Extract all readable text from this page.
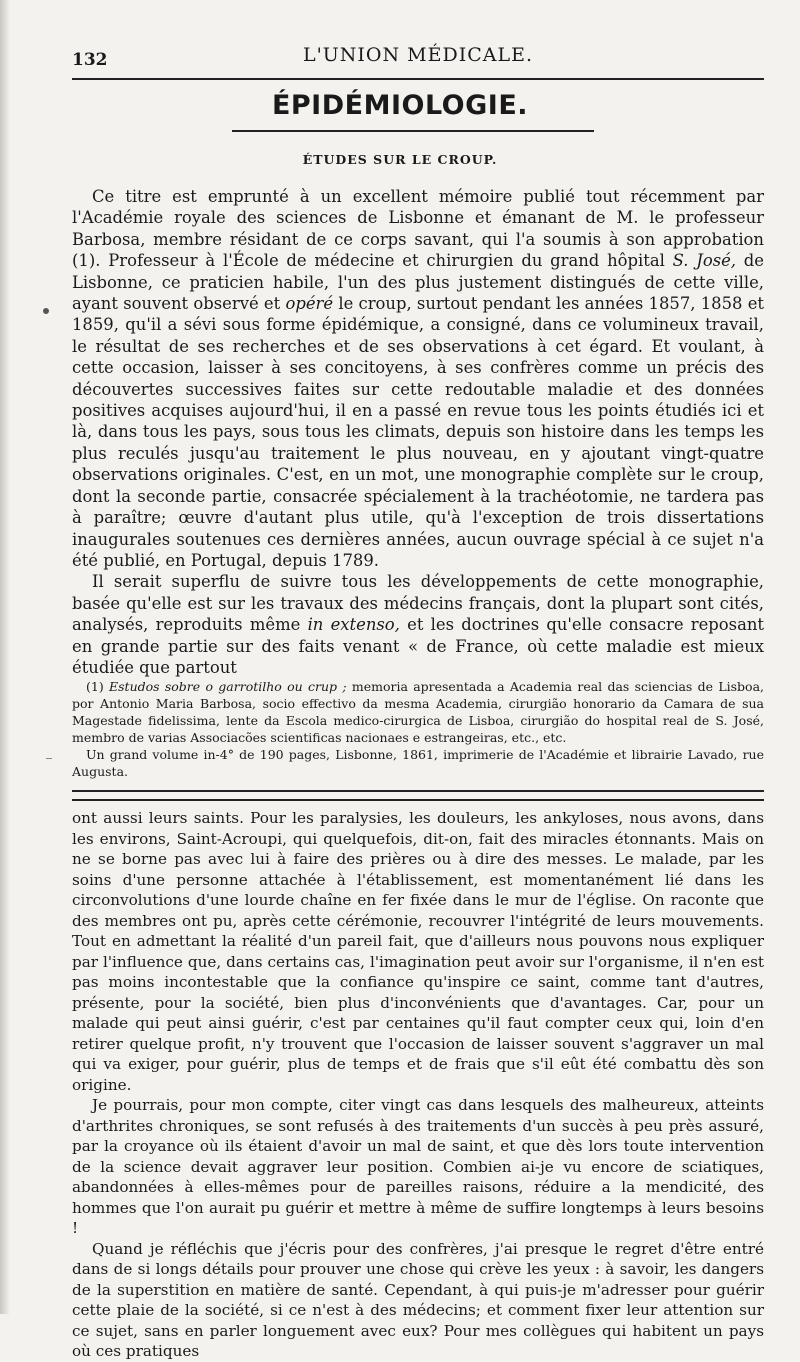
132	L'UNION MÉDICALE.
ÉPIDÉMIOLOGIE.
ÉTUDES SUR LE CROUP.

Ce titre est emprunté à un excellent mémoire publié tout récemment par l'Académie royale des sciences de Lisbonne et émanant de M. le professeur Barbosa, membre résidant de ce corps savant, qui l'a soumis à son approbation (1). Professeur à l'École de médecine et chirurgien du grand hôpital S. José, de Lisbonne, ce praticien habile, l'un des plus justement distingués de cette ville, ayant souvent observé et opéré le croup, surtout pendant les années 1857, 1858 et 1859, qu'il a sévi sous forme épidémique, a consigné, dans ce volumineux travail, le résultat de ses recherches et de ses observations à cet égard. Et voulant, à cette occasion, laisser à ses concitoyens, à ses confrères comme un précis des découvertes successives faites sur cette redoutable maladie et des données positives acquises aujourd'hui, il en a passé en revue tous les points étudiés ici et là, dans tous les pays, sous tous les climats, depuis son histoire dans les temps les plus reculés jusqu'au traitement le plus nouveau, en y ajoutant vingt-quatre observations originales. C'est, en un mot, une monographie complète sur le croup, dont la seconde partie, consacrée spécialement à la trachéotomie, ne tardera pas à paraître; œuvre d'autant plus utile, qu'à l'exception de trois dissertations inaugurales soutenues ces dernières années, aucun ouvrage spécial à ce sujet n'a été publié, en Portugal, depuis 1789.

Il serait superflu de suivre tous les développements de cette monographie, basée qu'elle est sur les travaux des médecins français, dont la plupart sont cités, analysés, reproduits même in extenso, et les doctrines qu'elle consacre reposant en grande partie sur des faits venant « de France, où cette maladie est mieux étudiée que partout

(1) Estudos sobre o garrotilho ou crup ; memoria apresentada a Academia real das sciencias de Lisboa, por Antonio Maria Barbosa, socio effectivo da mesma Academia, cirurgião honorario da Camara de sua Magestade fidelissima, lente da Escola medico-cirurgica de Lisboa, cirurgião do hospital real de S. José, membro de varias Associacões scientificas nacionaes e estrangeiras, etc., etc.

Un grand volume in-4° de 190 pages, Lisbonne, 1861, imprimerie de l'Académie et librairie Lavado, rue Augusta.

ont aussi leurs saints. Pour les paralysies, les douleurs, les ankyloses, nous avons, dans les environs, Saint-Acroupi, qui quelquefois, dit-on, fait des miracles étonnants. Mais on ne se borne pas avec lui à faire des prières ou à dire des messes. Le malade, par les soins d'une personne attachée à l'établissement, est momentanément lié dans les circonvolutions d'une lourde chaîne en fer fixée dans le mur de l'église. On raconte que des membres ont pu, après cette cérémonie, recouvrer l'intégrité de leurs mouvements. Tout en admettant la réalité d'un pareil fait, que d'ailleurs nous pouvons nous expliquer par l'influence que, dans certains cas, l'imagination peut avoir sur l'organisme, il n'en est pas moins incontestable que la confiance qu'inspire ce saint, comme tant d'autres, présente, pour la société, bien plus d'inconvénients que d'avantages. Car, pour un malade qui peut ainsi guérir, c'est par centaines qu'il faut compter ceux qui, loin d'en retirer quelque profit, n'y trouvent que l'occasion de laisser souvent s'aggraver un mal qui va exiger, pour guérir, plus de temps et de frais que s'il eût été combattu dès son origine.

Je pourrais, pour mon compte, citer vingt cas dans lesquels des malheureux, atteints d'arthrites chroniques, se sont refusés à des traitements d'un succès à peu près assuré, par la croyance où ils étaient d'avoir un mal de saint, et que dès lors toute intervention de la science devait aggraver leur position. Combien ai-je vu encore de sciatiques, abandonnées à elles-mêmes pour de pareilles raisons, réduire a la mendicité, des hommes que l'on aurait pu guérir et mettre à même de suffire longtemps à leurs besoins !

Quand je réfléchis que j'écris pour des confrères, j'ai presque le regret d'être entré dans de si longs détails pour prouver une chose qui crève les yeux : à savoir, les dangers de la superstition en matière de santé. Cependant, à qui puis-je m'adresser pour guérir cette plaie de la société, si ce n'est à des médecins; et comment fixer leur attention sur ce sujet, sans en parler longuement avec eux? Pour mes collègues qui habitent un pays où ces pratiques
